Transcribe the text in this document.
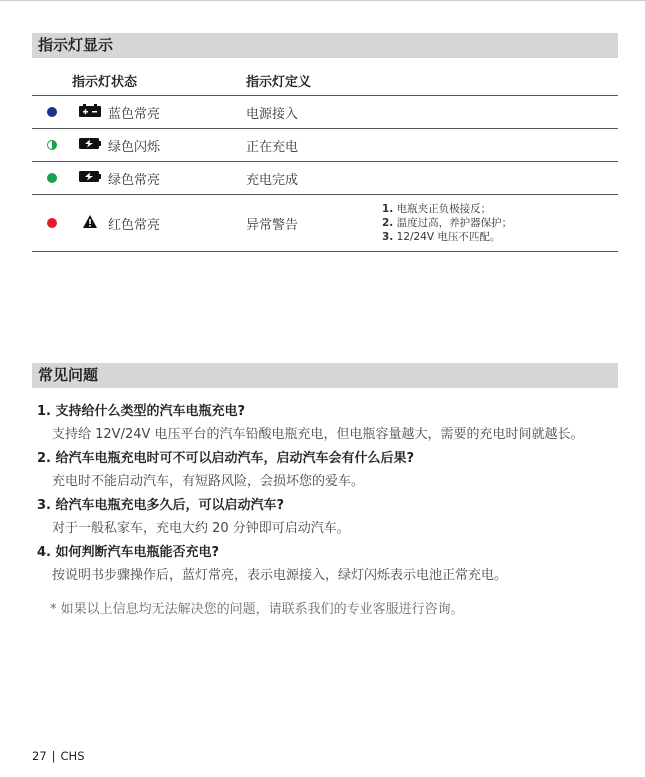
指示灯显示
	指示灯状态		指示灯定义	
		蓝色常亮	电源接入	
		绿色闪烁	正在充电	
		绿色常亮	充电完成	
		红色常亮	异常警告	1. 电瓶夹正负极接反；
2. 温度过高，养护器保护；
3. 12/24V 电压不匹配。
常见问题
1. 支持给什么类型的汽车电瓶充电?
支持给 12V/24V 电压平台的汽车铅酸电瓶充电，但电瓶容量越大，需要的充电时间就越长。
2. 给汽车电瓶充电时可不可以启动汽车，启动汽车会有什么后果?
充电时不能启动汽车，有短路风险，会损坏您的爱车。
3. 给汽车电瓶充电多久后，可以启动汽车?
对于一般私家车，充电大约 20 分钟即可启动汽车。
4. 如何判断汽车电瓶能否充电?
按说明书步骤操作后，蓝灯常亮，表示电源接入，绿灯闪烁表示电池正常充电。
* 如果以上信息均无法解决您的问题，请联系我们的专业客服进行咨询。
27 | CHS
